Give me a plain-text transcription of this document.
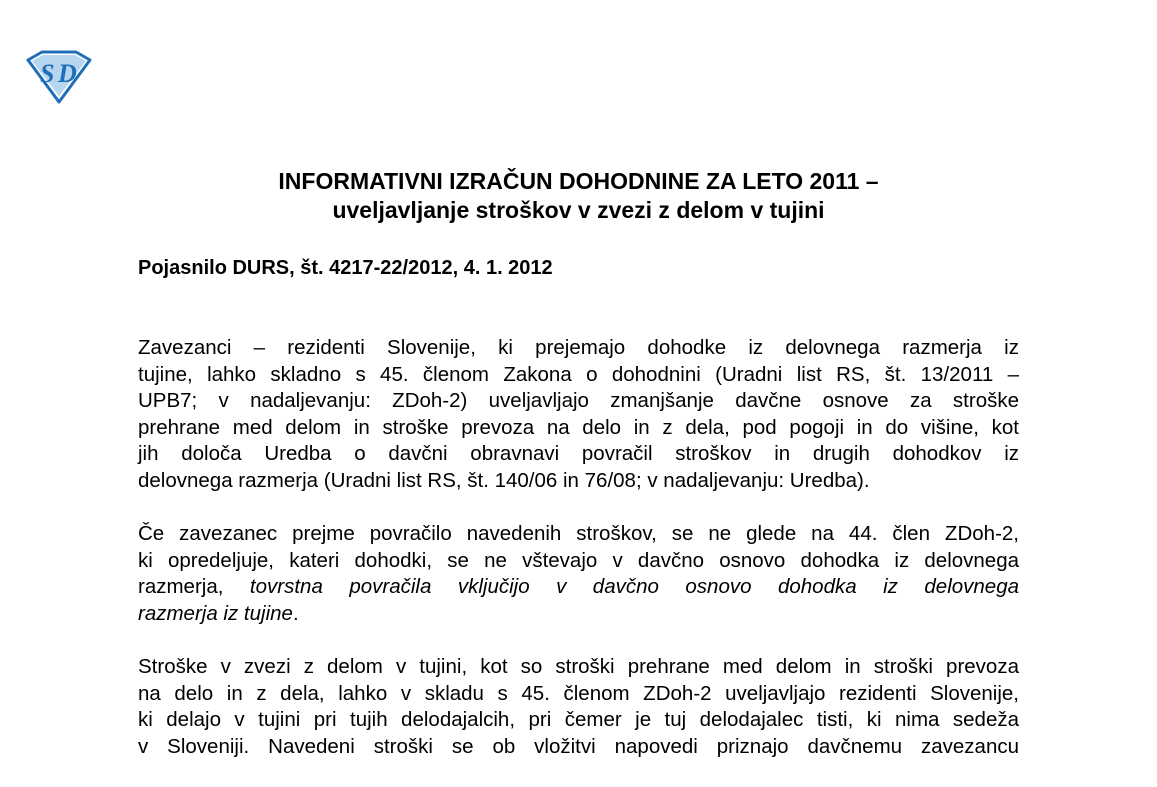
S D
INFORMATIVNI IZRAČUN DOHODNINE ZA LETO 2011 –
uveljavljanje stroškov v zvezi z delom v tujini
Pojasnilo DURS, št. 4217-22/2012, 4. 1. 2012
Zavezanci – rezidenti Slovenije, ki prejemajo dohodke iz delovnega razmerja iz
tujine, lahko skladno s 45. členom Zakona o dohodnini (Uradni list RS, št. 13/2011 –
UPB7; v nadaljevanju: ZDoh-2) uveljavljajo zmanjšanje davčne osnove za stroške
prehrane med delom in stroške prevoza na delo in z dela, pod pogoji in do višine, kot
jih določa Uredba o davčni obravnavi povračil stroškov in drugih dohodkov iz
delovnega razmerja (Uradni list RS, št. 140/06 in 76/08; v nadaljevanju: Uredba).
Če zavezanec prejme povračilo navedenih stroškov, se ne glede na 44. člen ZDoh-2,
ki opredeljuje, kateri dohodki, se ne vštevajo v davčno osnovo dohodka iz delovnega
razmerja, tovrstna povračila vključijo v davčno osnovo dohodka iz delovnega
razmerja iz tujine.
Stroške v zvezi z delom v tujini, kot so stroški prehrane med delom in stroški prevoza
na delo in z dela, lahko v skladu s 45. členom ZDoh-2 uveljavljajo rezidenti Slovenije,
ki delajo v tujini pri tujih delodajalcih, pri čemer je tuj delodajalec tisti, ki nima sedeža
v Sloveniji. Navedeni stroški se ob vložitvi napovedi priznajo davčnemu zavezancu
